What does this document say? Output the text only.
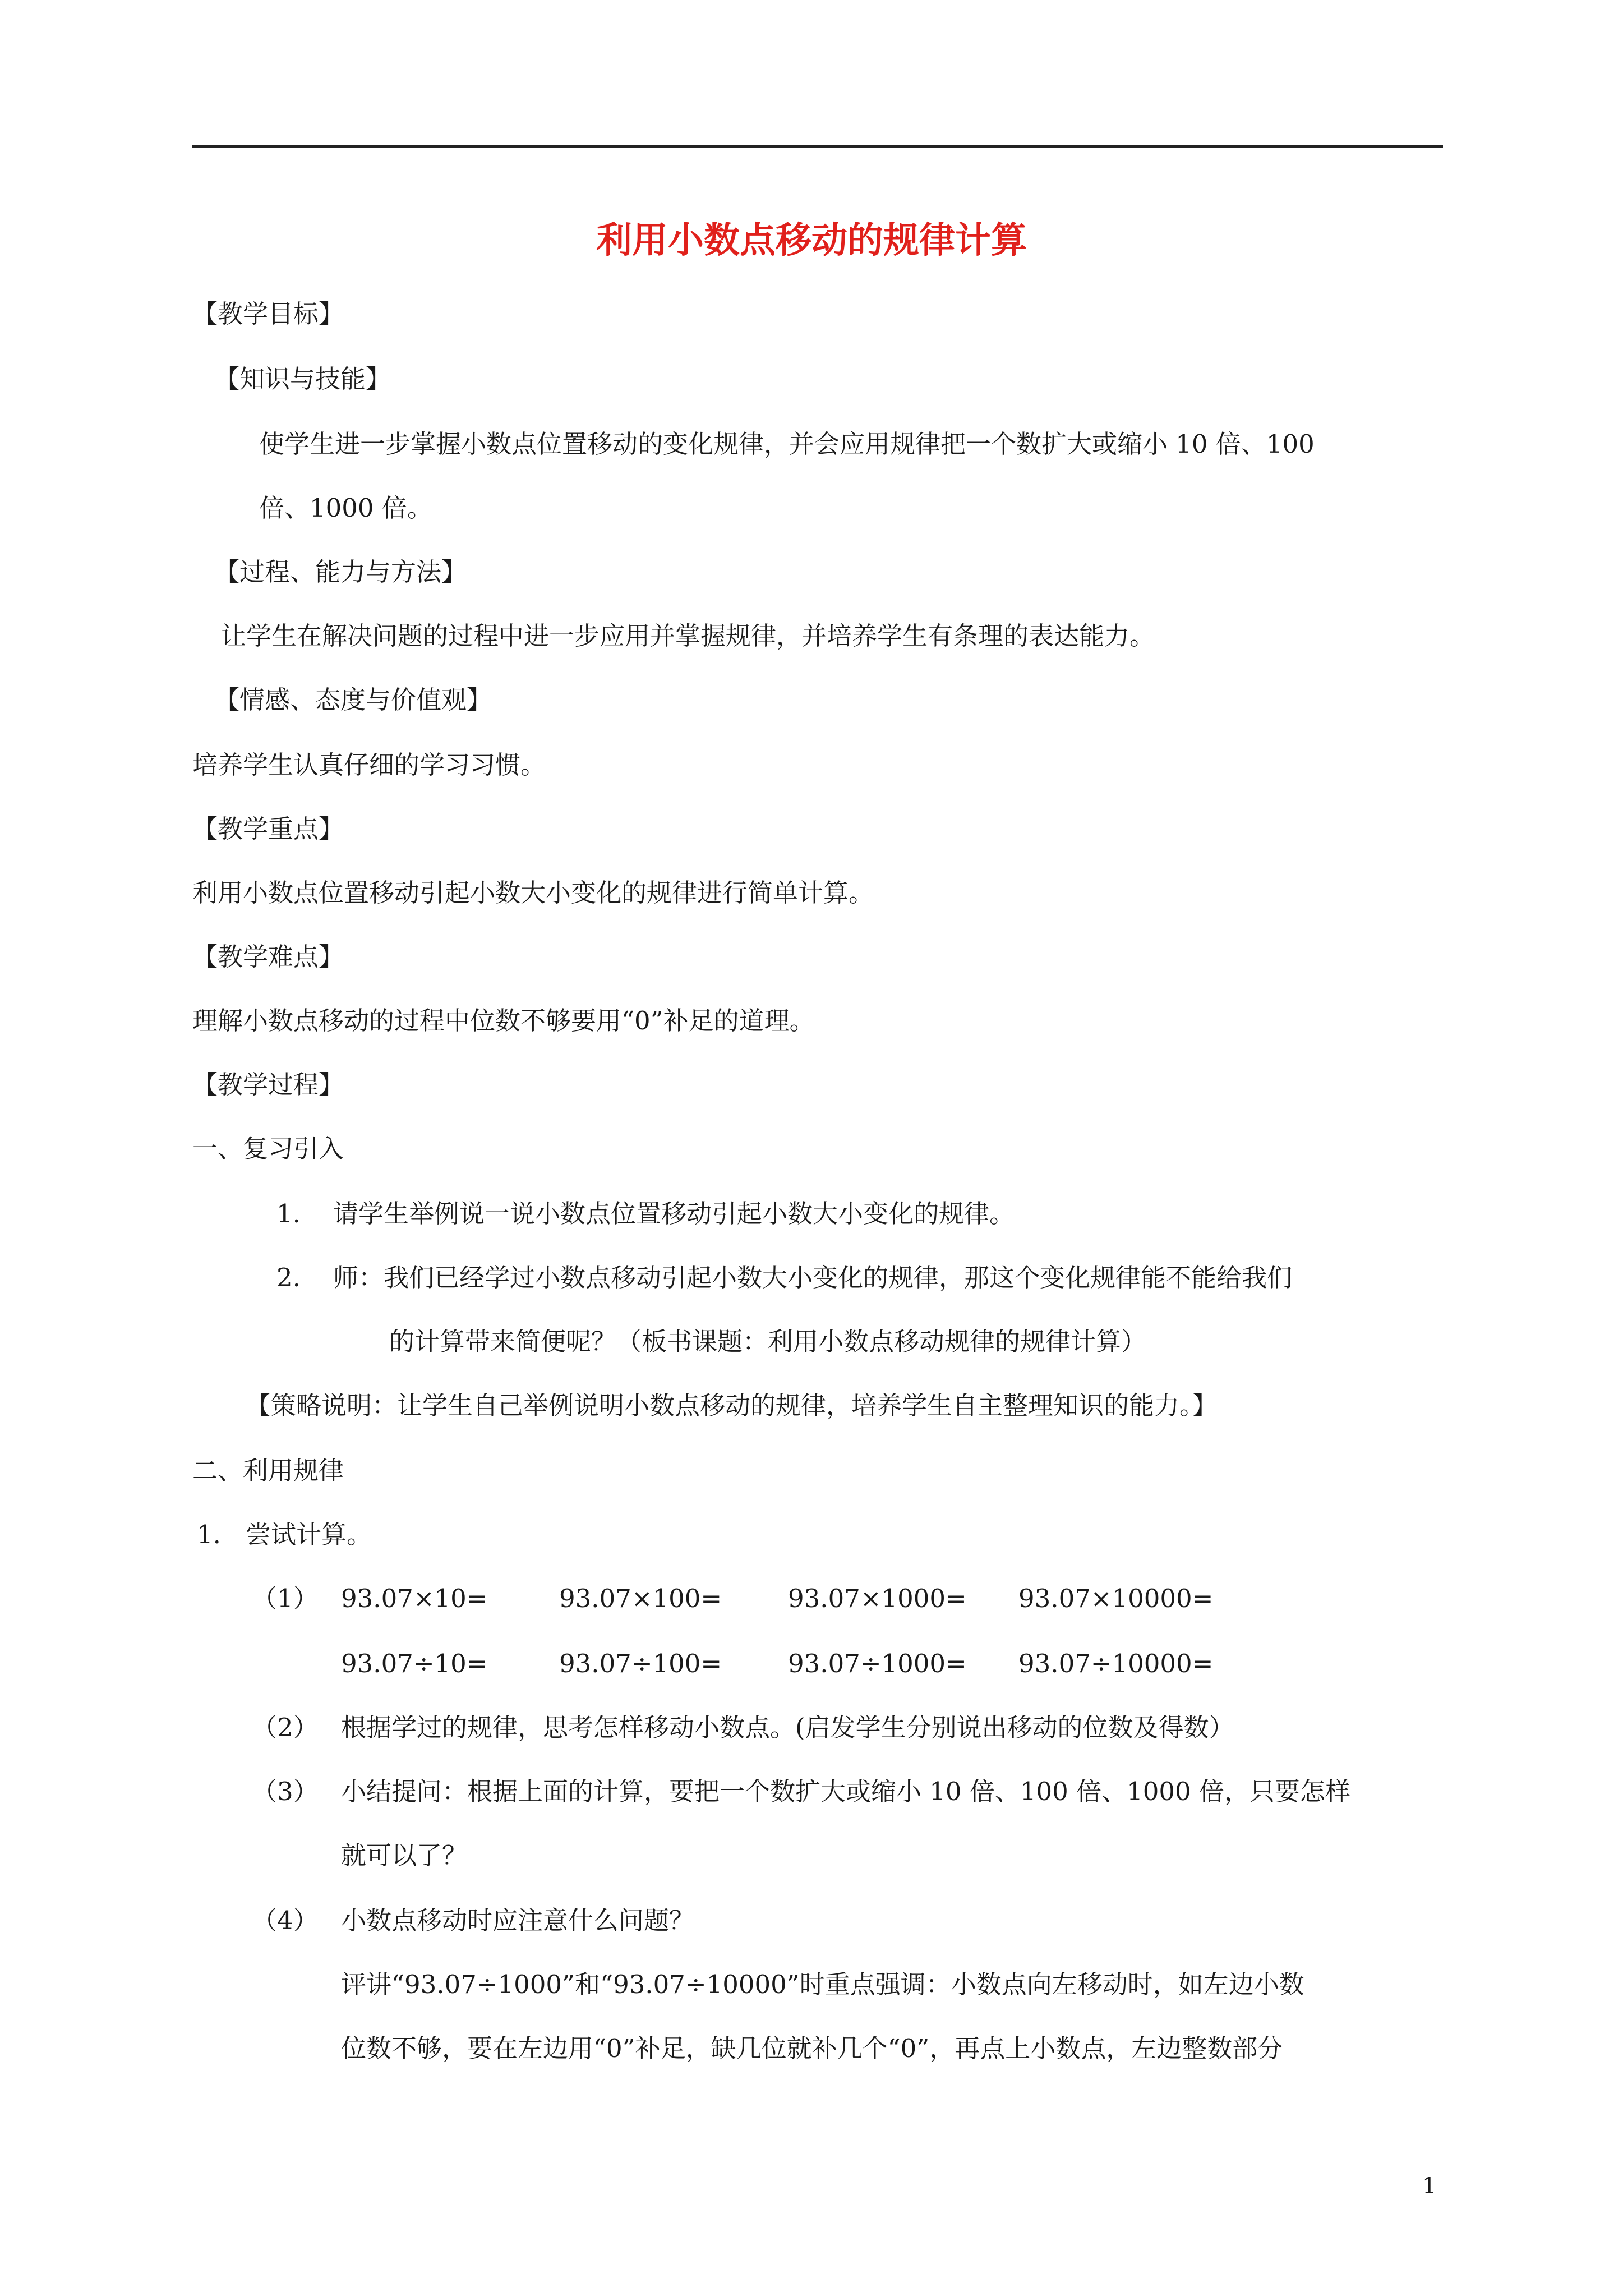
利用小数点移动的规律计算
【教学目标】
【知识与技能】
使学生进一步掌握小数点位置移动的变化规律，并会应用规律把一个数扩大或缩小 10 倍、100
倍、1000 倍。
【过程、能力与方法】
让学生在解决问题的过程中进一步应用并掌握规律，并培养学生有条理的表达能力。
【情感、态度与价值观】
培养学生认真仔细的学习习惯。
【教学重点】
利用小数点位置移动引起小数大小变化的规律进行简单计算。
【教学难点】
理解小数点移动的过程中位数不够要用“0”补足的道理。
【教学过程】
一、复习引入
1. 请学生举例说一说小数点位置移动引起小数大小变化的规律。
2. 师：我们已经学过小数点移动引起小数大小变化的规律，那这个变化规律能不能给我们
的计算带来简便呢？（板书课题：利用小数点移动规律的规律计算）
【策略说明：让学生自己举例说明小数点移动的规律，培养学生自主整理知识的能力。】
二、利用规律
1. 尝试计算。
（1） 93.07×10=	93.07×100=	93.07×1000= 93.07×10000=
93.07÷10=	93.07÷100=	93.07÷1000= 93.07÷10000=
（2） 根据学过的规律，思考怎样移动小数点。(启发学生分别说出移动的位数及得数）
（3） 小结提问：根据上面的计算，要把一个数扩大或缩小 10 倍、100 倍、1000 倍，只要怎样
就可以了？
（4） 小数点移动时应注意什么问题？
评讲“93.07÷1000”和“93.07÷10000”时重点强调：小数点向左移动时，如左边小数
位数不够，要在左边用“0”补足，缺几位就补几个“0”，再点上小数点，左边整数部分
1
